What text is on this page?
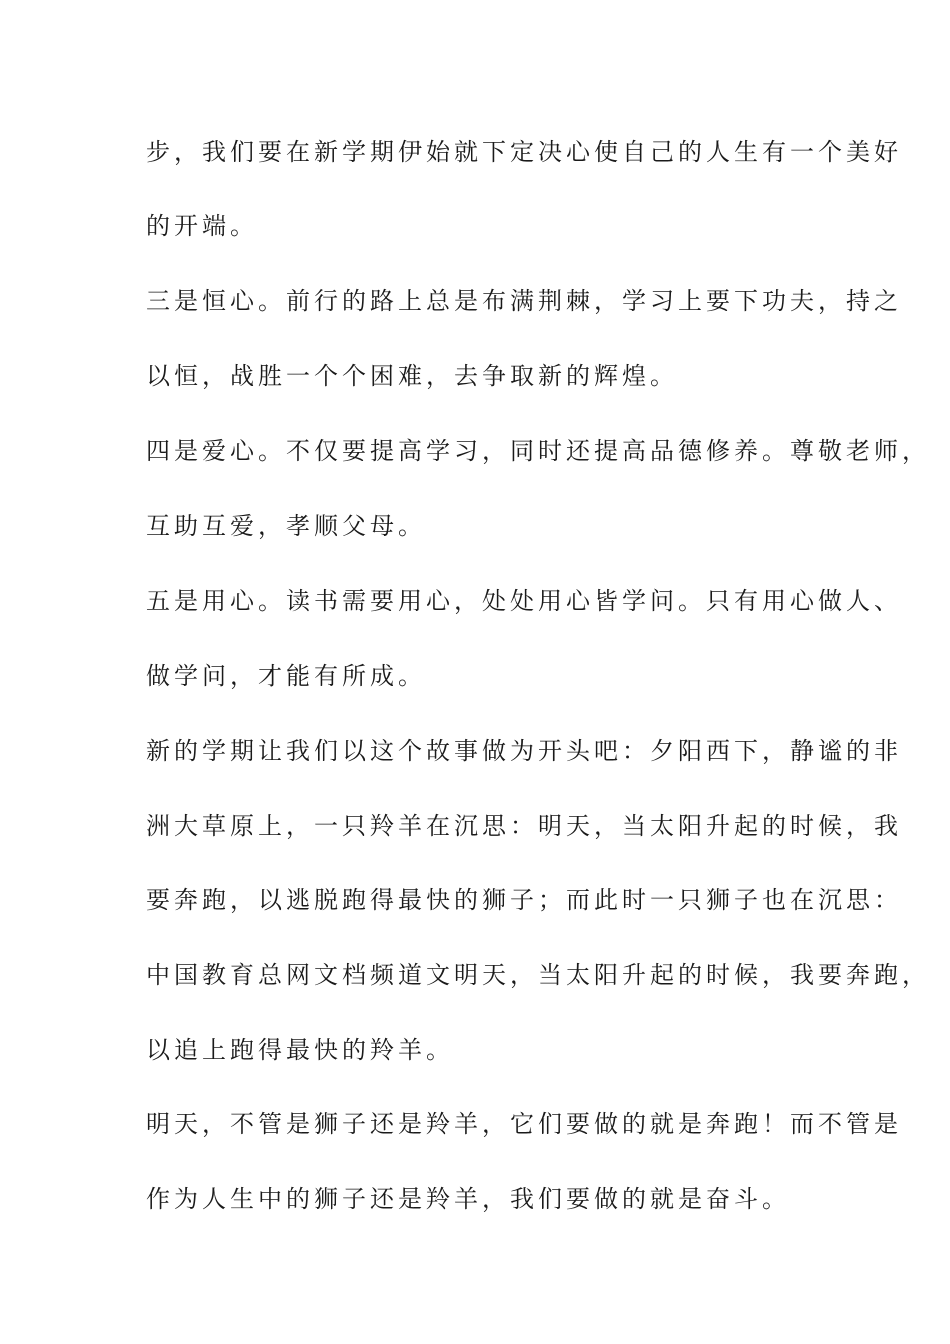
步，我们要在新学期伊始就下定决心使自己的人生有一个美好
的开端。
三是恒心。前行的路上总是布满荆棘，学习上要下功夫，持之
以恒，战胜一个个困难，去争取新的辉煌。
四是爱心。不仅要提高学习，同时还提高品德修养。尊敬老师，
互助互爱，孝顺父母。
五是用心。读书需要用心，处处用心皆学问。只有用心做人、
做学问，才能有所成。
新的学期让我们以这个故事做为开头吧：夕阳西下，静谧的非
洲大草原上，一只羚羊在沉思：明天，当太阳升起的时候，我
要奔跑，以逃脱跑得最快的狮子；而此时一只狮子也在沉思：
中国教育总网文档频道文明天，当太阳升起的时候，我要奔跑，
以追上跑得最快的羚羊。
明天，不管是狮子还是羚羊，它们要做的就是奔跑！而不管是
作为人生中的狮子还是羚羊，我们要做的就是奋斗。
